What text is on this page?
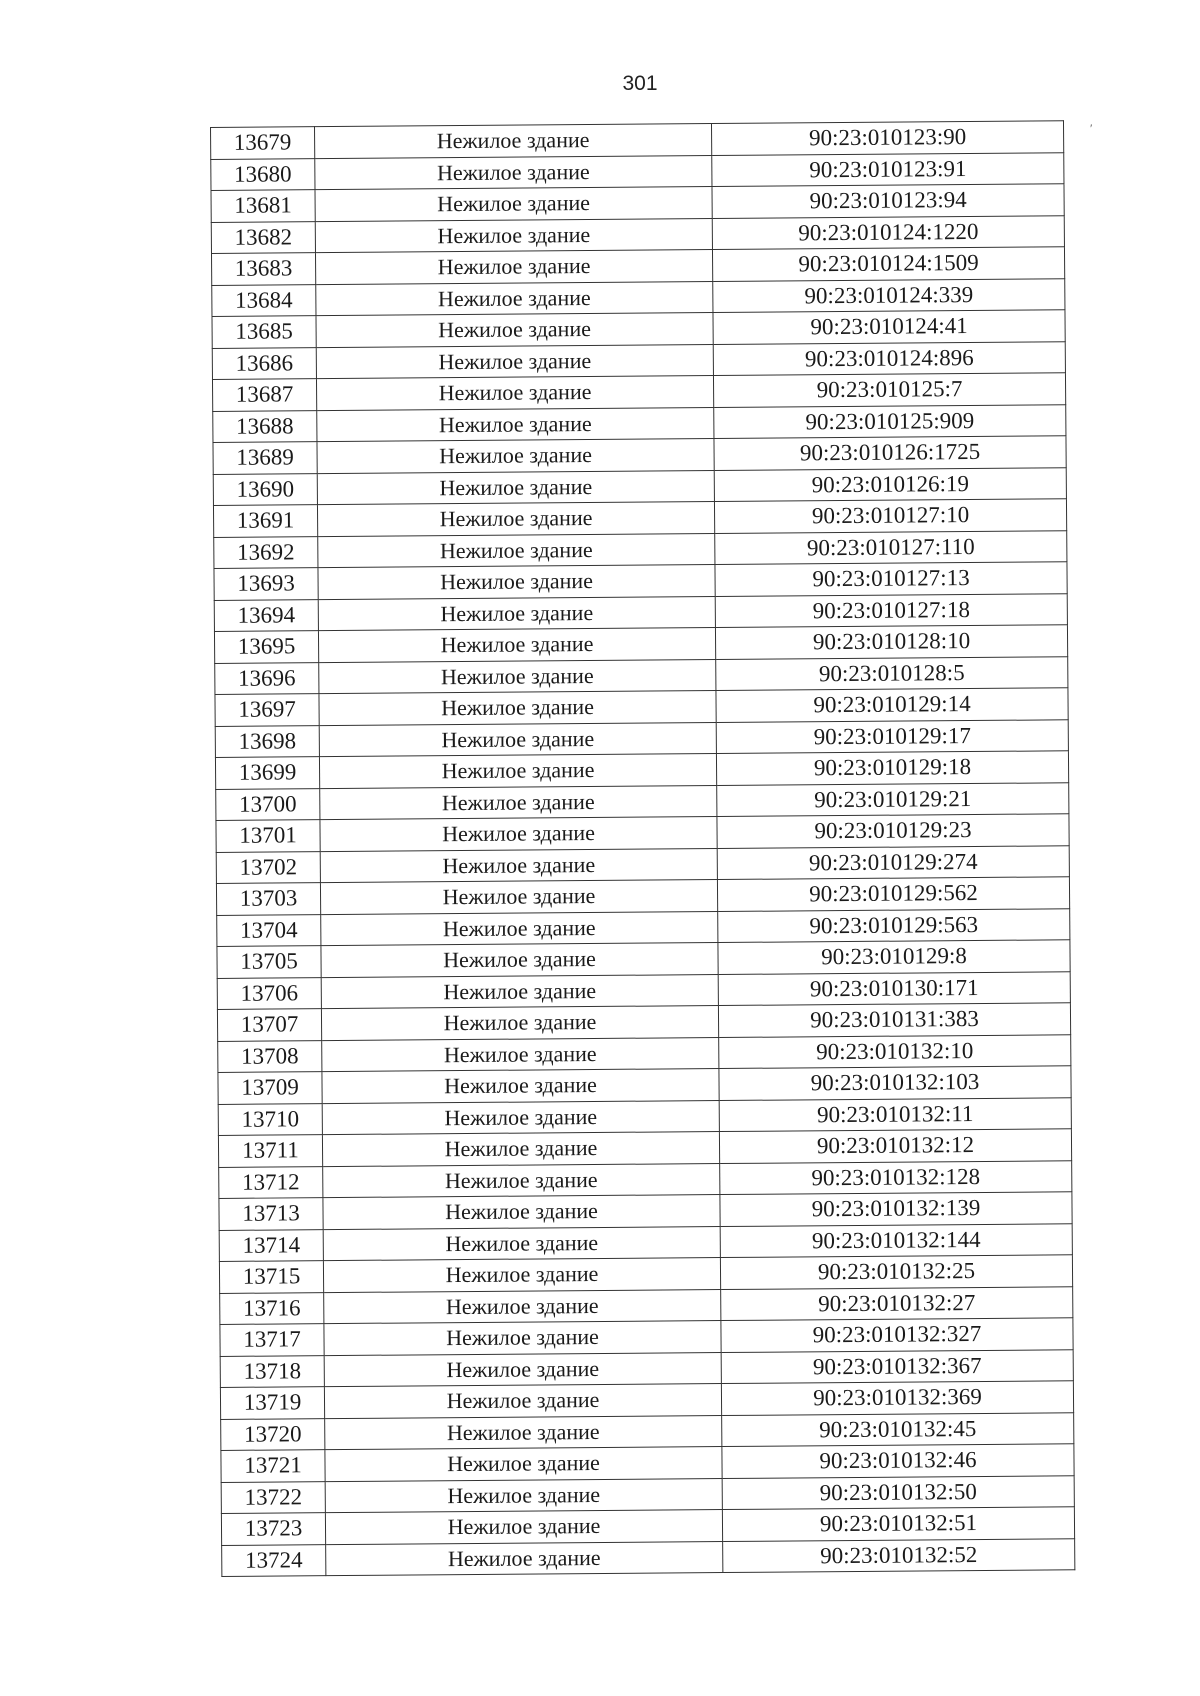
301
′
13679	Нежилое здание	90:23:010123:90
13680	Нежилое здание	90:23:010123:91
13681	Нежилое здание	90:23:010123:94
13682	Нежилое здание	90:23:010124:1220
13683	Нежилое здание	90:23:010124:1509
13684	Нежилое здание	90:23:010124:339
13685	Нежилое здание	90:23:010124:41
13686	Нежилое здание	90:23:010124:896
13687	Нежилое здание	90:23:010125:7
13688	Нежилое здание	90:23:010125:909
13689	Нежилое здание	90:23:010126:1725
13690	Нежилое здание	90:23:010126:19
13691	Нежилое здание	90:23:010127:10
13692	Нежилое здание	90:23:010127:110
13693	Нежилое здание	90:23:010127:13
13694	Нежилое здание	90:23:010127:18
13695	Нежилое здание	90:23:010128:10
13696	Нежилое здание	90:23:010128:5
13697	Нежилое здание	90:23:010129:14
13698	Нежилое здание	90:23:010129:17
13699	Нежилое здание	90:23:010129:18
13700	Нежилое здание	90:23:010129:21
13701	Нежилое здание	90:23:010129:23
13702	Нежилое здание	90:23:010129:274
13703	Нежилое здание	90:23:010129:562
13704	Нежилое здание	90:23:010129:563
13705	Нежилое здание	90:23:010129:8
13706	Нежилое здание	90:23:010130:171
13707	Нежилое здание	90:23:010131:383
13708	Нежилое здание	90:23:010132:10
13709	Нежилое здание	90:23:010132:103
13710	Нежилое здание	90:23:010132:11
13711	Нежилое здание	90:23:010132:12
13712	Нежилое здание	90:23:010132:128
13713	Нежилое здание	90:23:010132:139
13714	Нежилое здание	90:23:010132:144
13715	Нежилое здание	90:23:010132:25
13716	Нежилое здание	90:23:010132:27
13717	Нежилое здание	90:23:010132:327
13718	Нежилое здание	90:23:010132:367
13719	Нежилое здание	90:23:010132:369
13720	Нежилое здание	90:23:010132:45
13721	Нежилое здание	90:23:010132:46
13722	Нежилое здание	90:23:010132:50
13723	Нежилое здание	90:23:010132:51
13724	Нежилое здание	90:23:010132:52
